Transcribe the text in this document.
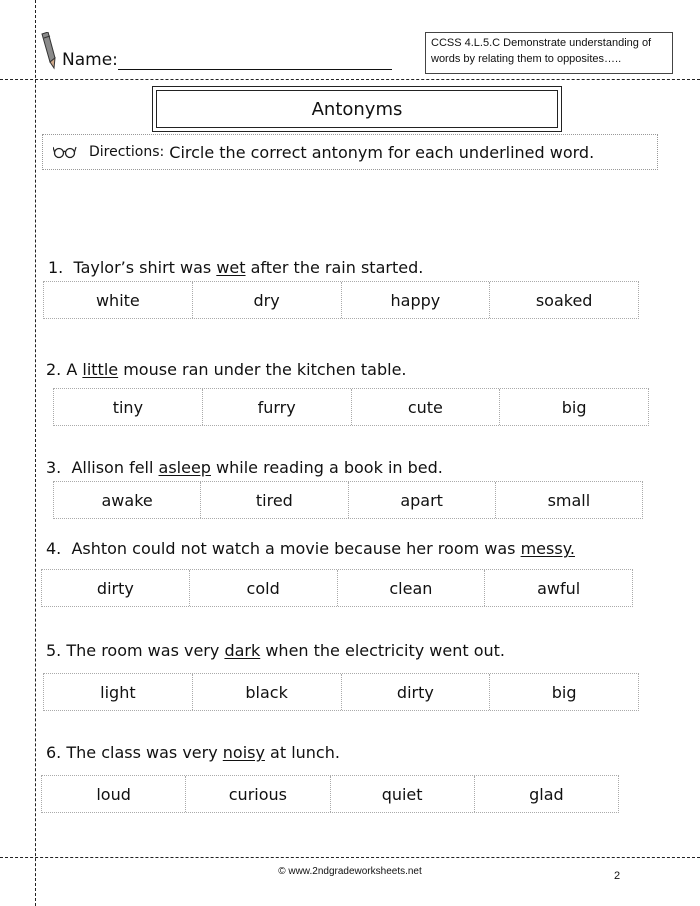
Name:
CCSS 4.L.5.C Demonstrate understanding of words by relating them to opposites…..
Antonyms
Directions: Circle the correct antonym for each underlined word.
1. Taylor’s shirt was wet after the rain started.
white	dry	happy	soaked
2. A little mouse ran under the kitchen table.
tiny	furry	cute	big
3. Allison fell asleep while reading a book in bed.
awake	tired	apart	small
4. Ashton could not watch a movie because her room was messy.
dirty	cold	clean	awful
5. The room was very dark when the electricity went out.
light	black	dirty	big
6. The class was very noisy at lunch.
loud	curious	quiet	glad
© www.2ndgradeworksheets.net	2
